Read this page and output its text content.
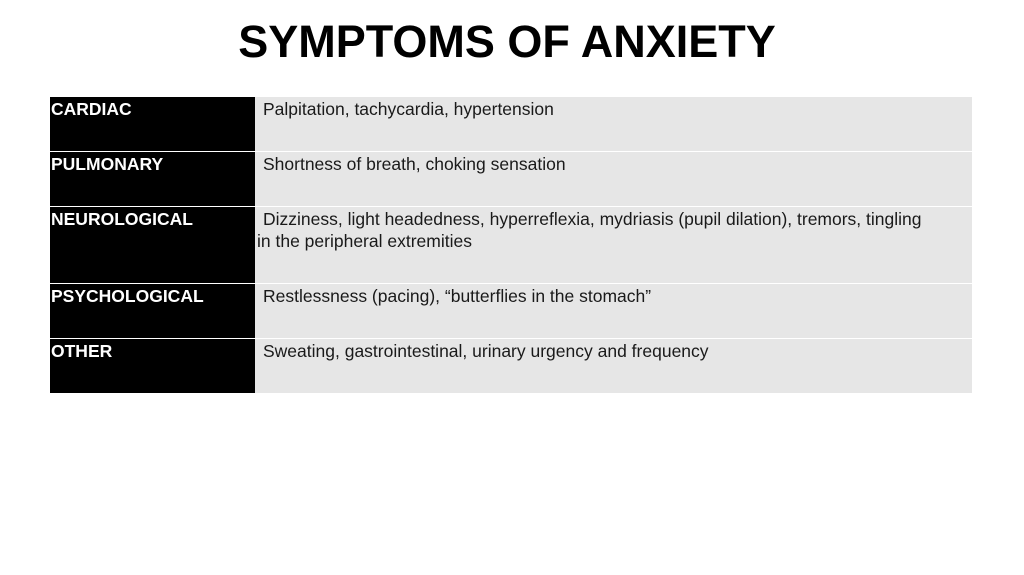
SYMPTOMS OF ANXIETY
CARDIAC	Palpitation, tachycardia, hypertension
PULMONARY	Shortness of breath, choking sensation
NEUROLOGICAL	Dizziness, light headedness, hyperreflexia, mydriasis (pupil dilation), tremors, tingling in the peripheral extremities
PSYCHOLOGICAL	Restlessness (pacing), “butterflies in the stomach”
OTHER	Sweating, gastrointestinal, urinary urgency and frequency
